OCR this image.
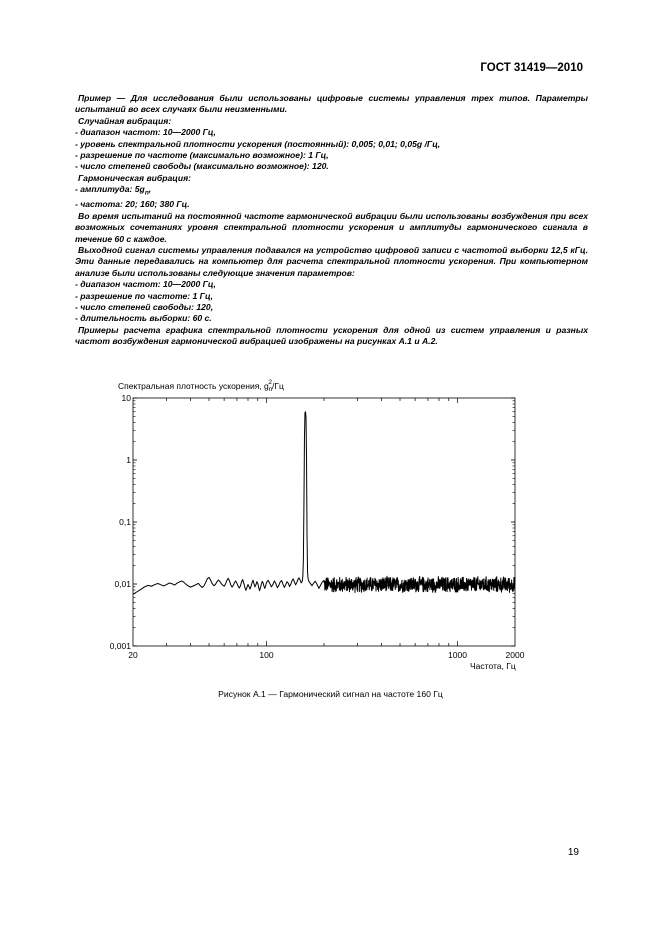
ГОСТ 31419—2010

Пример — Для исследования были использованы цифровые системы управления трех типов. Параметры испытаний во всех случаях были неизменными.

Случайная вибрация:

- диапазон частот: 10—2000 Гц,

- уровень спектральной плотности ускорения (постоянный): 0,005; 0,01; 0,05g /Гц,

- разрешение по частоте (максимально возможное): 1 Гц,

- число степеней свободы (максимально возможное): 120.

Гармоническая вибрация:

- амплитуда: $5g_n$,

- частота: 20; 160; 380 Гц.

Во время испытаний на постоянной частоте гармонической вибрации были использованы возбуждения при всех возможных сочетаниях уровня спектральной плотности ускорения и амплитуды гармонического сигнала в течение 60 с каждое.

Выходной сигнал системы управления подавался на устройство цифровой записи с частотой выборки 12,5 кГц. Эти данные передавались на компьютер для расчета спектральной плотности ускорения. При компьютерном анализе были использованы следующие значения параметров:

- диапазон частот: 10—2000 Гц,

- разрешение по частоте: 1 Гц,

- число степеней свободы: 120,

- длительность выборки: 60 с.

Примеры расчета графика спектральной плотности ускорения для одной из систем управления и разных частот возбуждения гармонической вибрацией изображены на рисунках А.1 и А.2.

Спектральная плотность ускорения, $g_n2/Гц$
10
1
0,1
0,01
0,001
20	100	1000	2000
Частота, Гц
Рисунок А.1 — Гармонический сигнал на частоте 160 Гц
19
